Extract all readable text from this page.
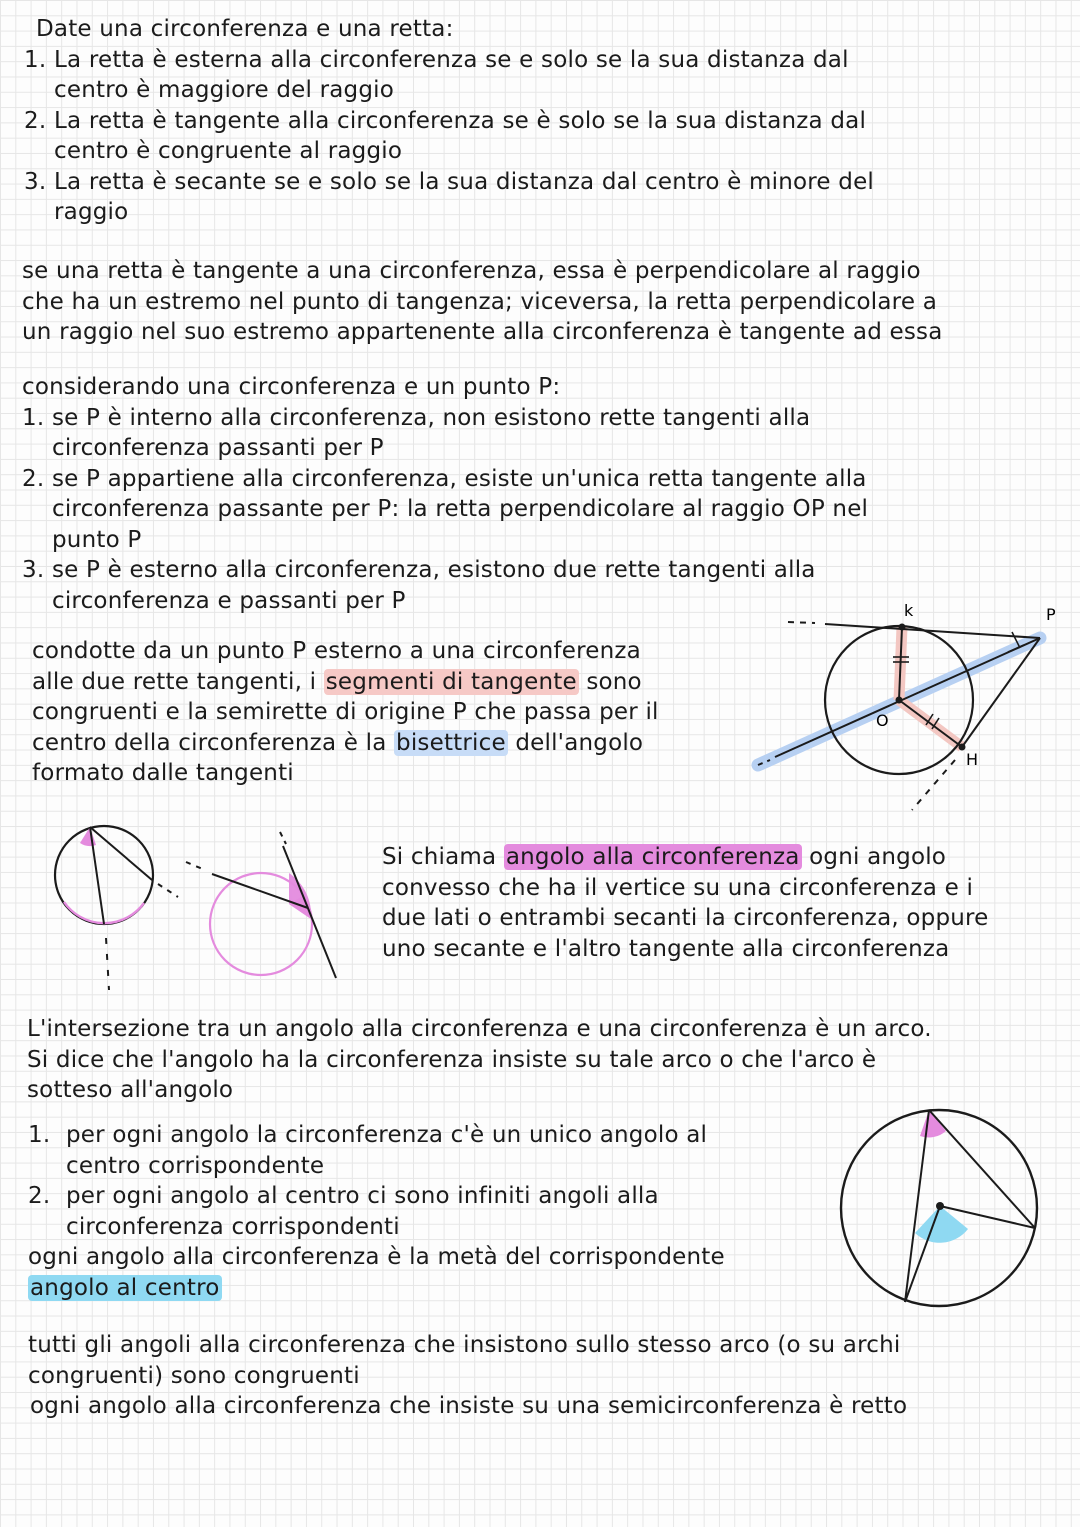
Date una circonferenza e una retta:
1. La retta è esterna alla circonferenza se e solo se la sua distanza dal
centro è maggiore del raggio
2. La retta è tangente alla circonferenza se è solo se la sua distanza dal
centro è congruente al raggio
3. La retta è secante se e solo se la sua distanza dal centro è minore del
raggio
se una retta è tangente a una circonferenza, essa è perpendicolare al raggio
che ha un estremo nel punto di tangenza; viceversa, la retta perpendicolare a
un raggio nel suo estremo appartenente alla circonferenza è tangente ad essa
considerando una circonferenza e un punto P:
1. se P è interno alla circonferenza, non esistono rette tangenti alla
circonferenza passanti per P
2. se P appartiene alla circonferenza, esiste un'unica retta tangente alla
circonferenza passante per P: la retta perpendicolare al raggio OP nel
punto P
3. se P è esterno alla circonferenza, esistono due rette tangenti alla
circonferenza e passanti per P
condotte da un punto P esterno a una circonferenza
alle due rette tangenti, i segmenti di tangente sono
congruenti e la semirette di origine P che passa per il
centro della circonferenza è la bisettrice dell'angolo
formato dalle tangenti
k	P
O
H
Si chiama angolo alla circonferenza ogni angolo
convesso che ha il vertice su una circonferenza e i
due lati o entrambi secanti la circonferenza, oppure
uno secante e l'altro tangente alla circonferenza
L'intersezione tra un angolo alla circonferenza e una circonferenza è un arco.
Si dice che l'angolo ha la circonferenza insiste su tale arco o che l'arco è
sotteso all'angolo
1. per ogni angolo la circonferenza c'è un unico angolo al
centro corrispondente
2. per ogni angolo al centro ci sono infiniti angoli alla
circonferenza corrispondenti
ogni angolo alla circonferenza è la metà del corrispondente
angolo al centro
tutti gli angoli alla circonferenza che insistono sullo stesso arco (o su archi
congruenti) sono congruenti
ogni angolo alla circonferenza che insiste su una semicirconferenza è retto
